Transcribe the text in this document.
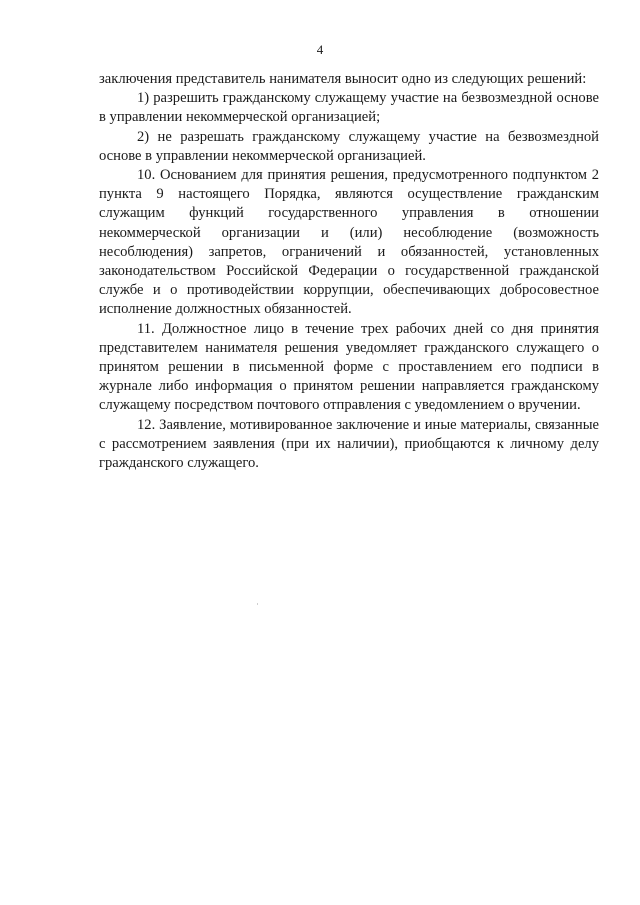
4

заключения представитель нанимателя выносит одно из следующих решений:

1) разрешить гражданскому служащему участие на безвозмездной основе в управлении некоммерческой организацией;

2) не разрешать гражданскому служащему участие на безвозмездной основе в управлении некоммерческой организацией.

10. Основанием для принятия решения, предусмотренного подпунктом 2 пункта 9 настоящего Порядка, являются осуществление гражданским служащим функций государственного управления в отношении некоммерческой организации и (или) несоблюдение (возможность несоблюдения) запретов, ограничений и обязанностей, установленных законодательством Российской Федерации о государственной гражданской службе и о противодействии коррупции, обеспечивающих добросовестное исполнение должностных обязанностей.

11. Должностное лицо в течение трех рабочих дней со дня принятия представителем нанимателя решения уведомляет гражданского служащего о принятом решении в письменной форме с проставлением его подписи в журнале либо информация о принятом решении направляется гражданскому служащему посредством почтового отправления с уведомлением о вручении.

12. Заявление, мотивированное заключение и иные материалы, связанные с рассмотрением заявления (при их наличии), приобщаются к личному делу гражданского служащего.
